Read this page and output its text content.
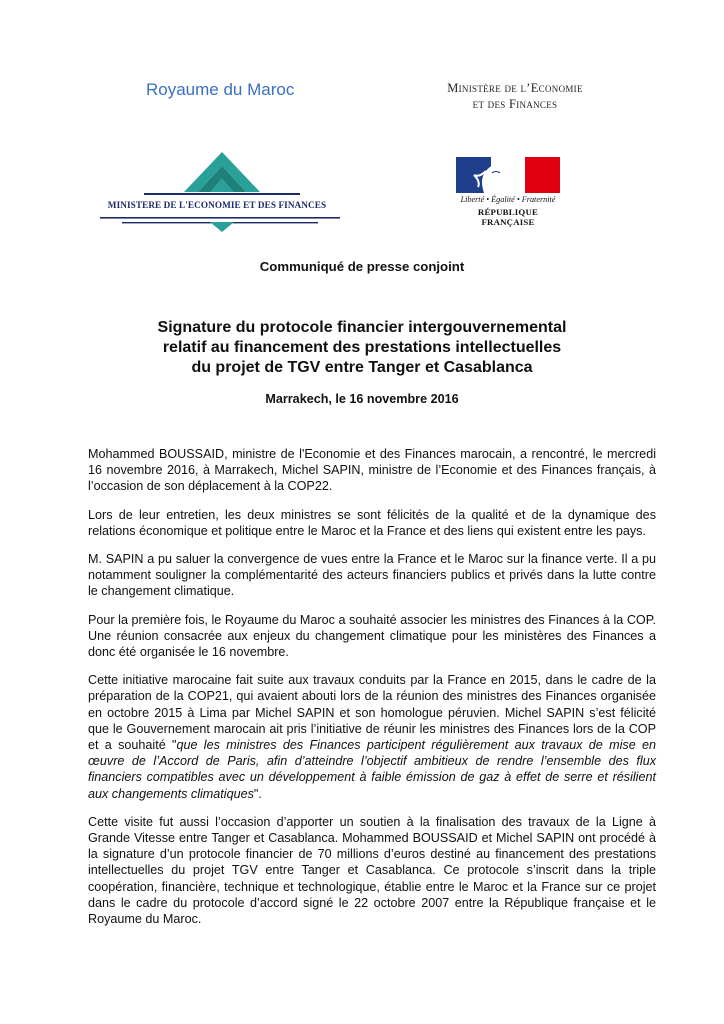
Royaume du Maroc	Ministère de l’Economie
et des Finances
MINISTERE DE L'ECONOMIE ET DES FINANCES
Liberté • Égalité • Fraternité
RÉPUBLIQUE FRANÇAISE
Communiqué de presse conjoint
Signature du protocole financier intergouvernemental
relatif au financement des prestations intellectuelles
du projet de TGV entre Tanger et Casablanca
Marrakech, le 16 novembre 2016

Mohammed BOUSSAID, ministre de l'Economie et des Finances marocain, a rencontré, le mercredi 16 novembre 2016, à Marrakech, Michel SAPIN, ministre de l’Economie et des Finances français, à l’occasion de son déplacement à la COP22.

Lors de leur entretien, les deux ministres se sont félicités de la qualité et de la dynamique des relations économique et politique entre le Maroc et la France et des liens qui existent entre les pays.

M. SAPIN a pu saluer la convergence de vues entre la France et le Maroc sur la finance verte. Il a pu notamment souligner la complémentarité des acteurs financiers publics et privés dans la lutte contre le changement climatique.

Pour la première fois, le Royaume du Maroc a souhaité associer les ministres des Finances à la COP. Une réunion consacrée aux enjeux du changement climatique pour les ministères des Finances a donc été organisée le 16 novembre.

Cette initiative marocaine fait suite aux travaux conduits par la France en 2015, dans le cadre de la préparation de la COP21, qui avaient abouti lors de la réunion des ministres des Finances organisée en octobre 2015 à Lima par Michel SAPIN et son homologue péruvien. Michel SAPIN s’est félicité que le Gouvernement marocain ait pris l’initiative de réunir les ministres des Finances lors de la COP et a souhaité "que les ministres des Finances participent régulièrement aux travaux de mise en œuvre de l’Accord de Paris, afin d’atteindre l’objectif ambitieux de rendre l’ensemble des flux financiers compatibles avec un développement à faible émission de gaz à effet de serre et résilient aux changements climatiques".

Cette visite fut aussi l’occasion d’apporter un soutien à la finalisation des travaux de la Ligne à Grande Vitesse entre Tanger et Casablanca. Mohammed BOUSSAID et Michel SAPIN ont procédé à la signature d’un protocole financier de 70 millions d’euros destiné au financement des prestations intellectuelles du projet TGV entre Tanger et Casablanca. Ce protocole s’inscrit dans la triple coopération, financière, technique et technologique, établie entre le Maroc et la France sur ce projet dans le cadre du protocole d’accord signé le 22 octobre 2007 entre la République française et le Royaume du Maroc.
